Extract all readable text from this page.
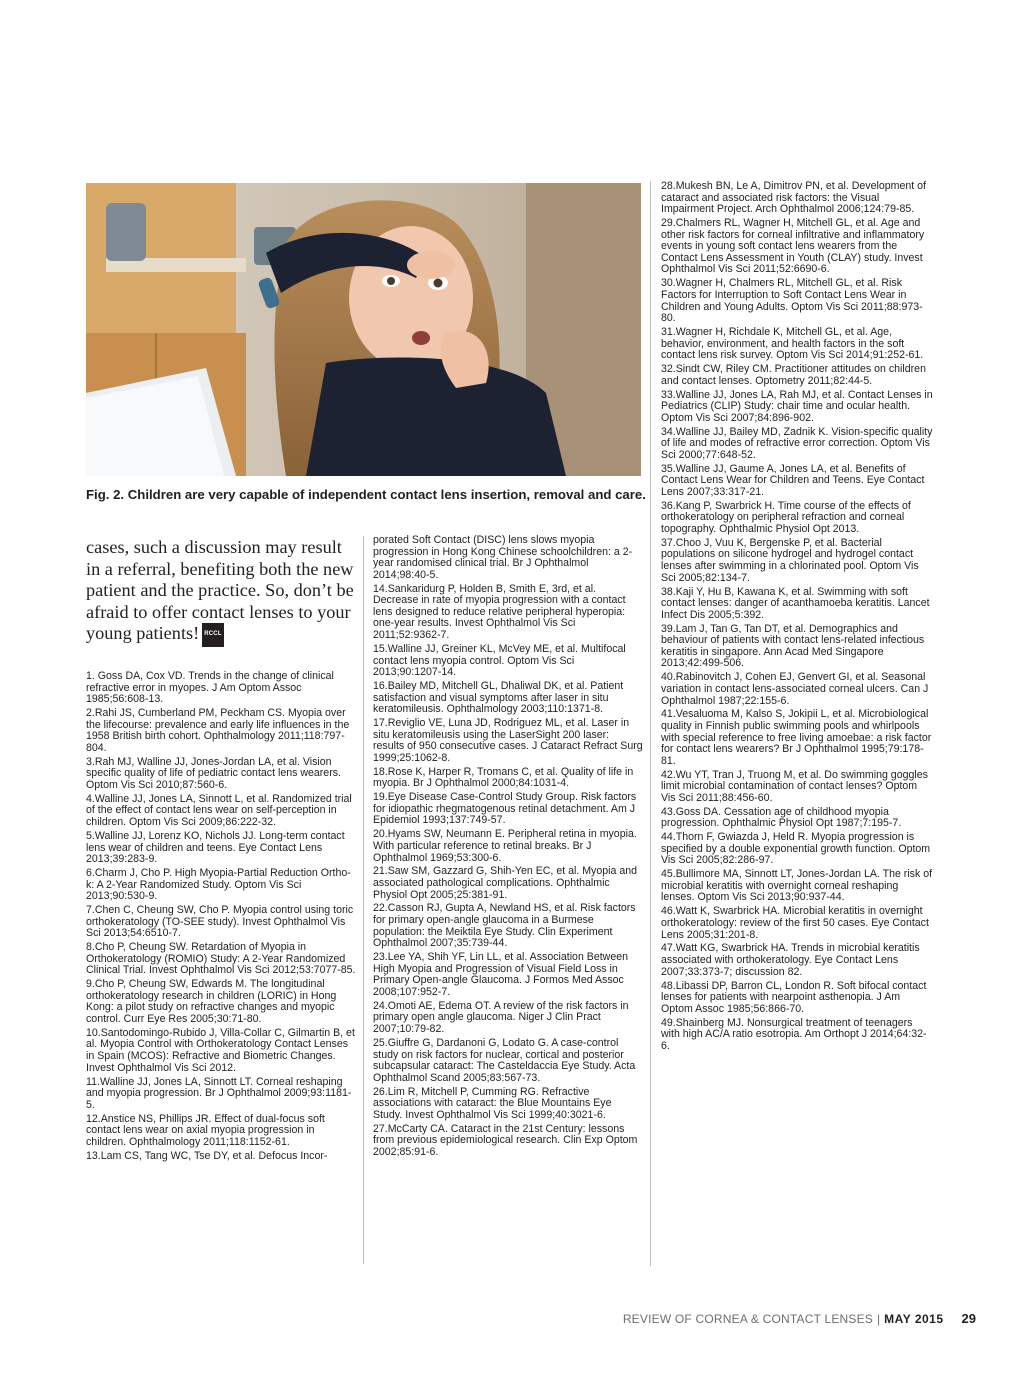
Fig. 2. Children are very capable of independent contact lens insertion, removal and care.

cases, such a discussion may result in a referral, benefiting both the new patient and the practice. So, don’t be afraid to offer contact lenses to your young patients! RCCL

1. Goss DA, Cox VD. Trends in the change of clinical refractive error in myopes. J Am Optom Assoc 1985;56:608-13.
2.Rahi JS, Cumberland PM, Peckham CS. Myopia over the lifecourse: prevalence and early life influences in the 1958 British birth cohort. Ophthalmology 2011;118:797-804.
3.Rah MJ, Walline JJ, Jones-Jordan LA, et al. Vision specific quality of life of pediatric contact lens wearers. Optom Vis Sci 2010;87:560-6.
4.Walline JJ, Jones LA, Sinnott L, et al. Randomized trial of the effect of contact lens wear on self-perception in children. Optom Vis Sci 2009;86:222-32.
5.Walline JJ, Lorenz KO, Nichols JJ. Long-term contact lens wear of children and teens. Eye Contact Lens 2013;39:283-9.
6.Charm J, Cho P. High Myopia-Partial Reduction Ortho-k: A 2-Year Randomized Study. Optom Vis Sci 2013;90:530-9.
7.Chen C, Cheung SW, Cho P. Myopia control using toric orthokeratology (TO-SEE study). Invest Ophthalmol Vis Sci 2013;54:6510-7.
8.Cho P, Cheung SW. Retardation of Myopia in Orthokeratology (ROMIO) Study: A 2-Year Randomized Clinical Trial. Invest Ophthalmol Vis Sci 2012;53:7077-85.
9.Cho P, Cheung SW, Edwards M. The longitudinal orthokeratology research in children (LORIC) in Hong Kong: a pilot study on refractive changes and myopic control. Curr Eye Res 2005;30:71-80.
10.Santodomingo-Rubido J, Villa-Collar C, Gilmartin B, et al. Myopia Control with Orthokeratology Contact Lenses in Spain (MCOS): Refractive and Biometric Changes. Invest Ophthalmol Vis Sci 2012.
11.Walline JJ, Jones LA, Sinnott LT. Corneal reshaping and myopia progression. Br J Ophthalmol 2009;93:1181-5.
12.Anstice NS, Phillips JR. Effect of dual-focus soft contact lens wear on axial myopia progression in children. Ophthalmology 2011;118:1152-61.
13.Lam CS, Tang WC, Tse DY, et al. Defocus Incor-
porated Soft Contact (DISC) lens slows myopia progression in Hong Kong Chinese schoolchildren: a 2-year randomised clinical trial. Br J Ophthalmol 2014;98:40-5.
14.Sankaridurg P, Holden B, Smith E, 3rd, et al. Decrease in rate of myopia progression with a contact lens designed to reduce relative peripheral hyperopia: one-year results. Invest Ophthalmol Vis Sci 2011;52:9362-7.
15.Walline JJ, Greiner KL, McVey ME, et al. Multifocal contact lens myopia control. Optom Vis Sci 2013;90:1207-14.
16.Bailey MD, Mitchell GL, Dhaliwal DK, et al. Patient satisfaction and visual symptoms after laser in situ keratomileusis. Ophthalmology 2003;110:1371-8.
17.Reviglio VE, Luna JD, Rodriguez ML, et al. Laser in situ keratomileusis using the LaserSight 200 laser: results of 950 consecutive cases. J Cataract Refract Surg 1999;25:1062-8.
18.Rose K, Harper R, Tromans C, et al. Quality of life in myopia. Br J Ophthalmol 2000;84:1031-4.
19.Eye Disease Case-Control Study Group. Risk factors for idiopathic rhegmatogenous retinal detachment. Am J Epidemiol 1993;137:749-57.
20.Hyams SW, Neumann E. Peripheral retina in myopia. With particular reference to retinal breaks. Br J Ophthalmol 1969;53:300-6.
21.Saw SM, Gazzard G, Shih-Yen EC, et al. Myopia and associated pathological complications. Ophthalmic Physiol Opt 2005;25:381-91.
22.Casson RJ, Gupta A, Newland HS, et al. Risk factors for primary open-angle glaucoma in a Burmese population: the Meiktila Eye Study. Clin Experiment Ophthalmol 2007;35:739-44.
23.Lee YA, Shih YF, Lin LL, et al. Association Between High Myopia and Progression of Visual Field Loss in Primary Open-angle Glaucoma. J Formos Med Assoc 2008;107:952-7.
24.Omoti AE, Edema OT. A review of the risk factors in primary open angle glaucoma. Niger J Clin Pract 2007;10:79-82.
25.Giuffre G, Dardanoni G, Lodato G. A case-control study on risk factors for nuclear, cortical and posterior subcapsular cataract: The Casteldaccia Eye Study. Acta Ophthalmol Scand 2005;83:567-73.
26.Lim R, Mitchell P, Cumming RG. Refractive associations with cataract: the Blue Mountains Eye Study. Invest Ophthalmol Vis Sci 1999;40:3021-6.
27.McCarty CA. Cataract in the 21st Century: lessons from previous epidemiological research. Clin Exp Optom 2002;85:91-6.
28.Mukesh BN, Le A, Dimitrov PN, et al. Development of cataract and associated risk factors: the Visual Impairment Project. Arch Ophthalmol 2006;124:79-85.
29.Chalmers RL, Wagner H, Mitchell GL, et al. Age and other risk factors for corneal infiltrative and inflammatory events in young soft contact lens wearers from the Contact Lens Assessment in Youth (CLAY) study. Invest Ophthalmol Vis Sci 2011;52:6690-6.
30.Wagner H, Chalmers RL, Mitchell GL, et al. Risk Factors for Interruption to Soft Contact Lens Wear in Children and Young Adults. Optom Vis Sci 2011;88:973-80.
31.Wagner H, Richdale K, Mitchell GL, et al. Age, behavior, environment, and health factors in the soft contact lens risk survey. Optom Vis Sci 2014;91:252-61.
32.Sindt CW, Riley CM. Practitioner attitudes on children and contact lenses. Optometry 2011;82:44-5.
33.Walline JJ, Jones LA, Rah MJ, et al. Contact Lenses in Pediatrics (CLIP) Study: chair time and ocular health. Optom Vis Sci 2007;84:896-902.
34.Walline JJ, Bailey MD, Zadnik K. Vision-specific quality of life and modes of refractive error correction. Optom Vis Sci 2000;77:648-52.
35.Walline JJ, Gaume A, Jones LA, et al. Benefits of Contact Lens Wear for Children and Teens. Eye Contact Lens 2007;33:317-21.
36.Kang P, Swarbrick H. Time course of the effects of orthokeratology on peripheral refraction and corneal topography. Ophthalmic Physiol Opt 2013.
37.Choo J, Vuu K, Bergenske P, et al. Bacterial populations on silicone hydrogel and hydrogel contact lenses after swimming in a chlorinated pool. Optom Vis Sci 2005;82:134-7.
38.Kaji Y, Hu B, Kawana K, et al. Swimming with soft contact lenses: danger of acanthamoeba keratitis. Lancet Infect Dis 2005;5:392.
39.Lam J, Tan G, Tan DT, et al. Demographics and behaviour of patients with contact lens-related infectious keratitis in singapore. Ann Acad Med Singapore 2013;42:499-506.
40.Rabinovitch J, Cohen EJ, Genvert GI, et al. Seasonal variation in contact lens-associated corneal ulcers. Can J Ophthalmol 1987;22:155-6.
41.Vesaluoma M, Kalso S, Jokipii L, et al. Microbiological quality in Finnish public swimming pools and whirlpools with special reference to free living amoebae: a risk factor for contact lens wearers? Br J Ophthalmol 1995;79:178-81.
42.Wu YT, Tran J, Truong M, et al. Do swimming goggles limit microbial contamination of contact lenses? Optom Vis Sci 2011;88:456-60.
43.Goss DA. Cessation age of childhood myopia progression. Ophthalmic Physiol Opt 1987;7:195-7.
44.Thorn F, Gwiazda J, Held R. Myopia progression is specified by a double exponential growth function. Optom Vis Sci 2005;82:286-97.
45.Bullimore MA, Sinnott LT, Jones-Jordan LA. The risk of microbial keratitis with overnight corneal reshaping lenses. Optom Vis Sci 2013;90:937-44.
46.Watt K, Swarbrick HA. Microbial keratitis in overnight orthokeratology: review of the first 50 cases. Eye Contact Lens 2005;31:201-8.
47.Watt KG, Swarbrick HA. Trends in microbial keratitis associated with orthokeratology. Eye Contact Lens 2007;33:373-7; discussion 82.
48.Libassi DP, Barron CL, London R. Soft bifocal contact lenses for patients with nearpoint asthenopia. J Am Optom Assoc 1985;56:866-70.
49.Shainberg MJ. Nonsurgical treatment of teenagers with high AC/A ratio esotropia. Am Orthopt J 2014;64:32-6.
REVIEW OF CORNEA & CONTACT LENSES | MAY 2015 29
